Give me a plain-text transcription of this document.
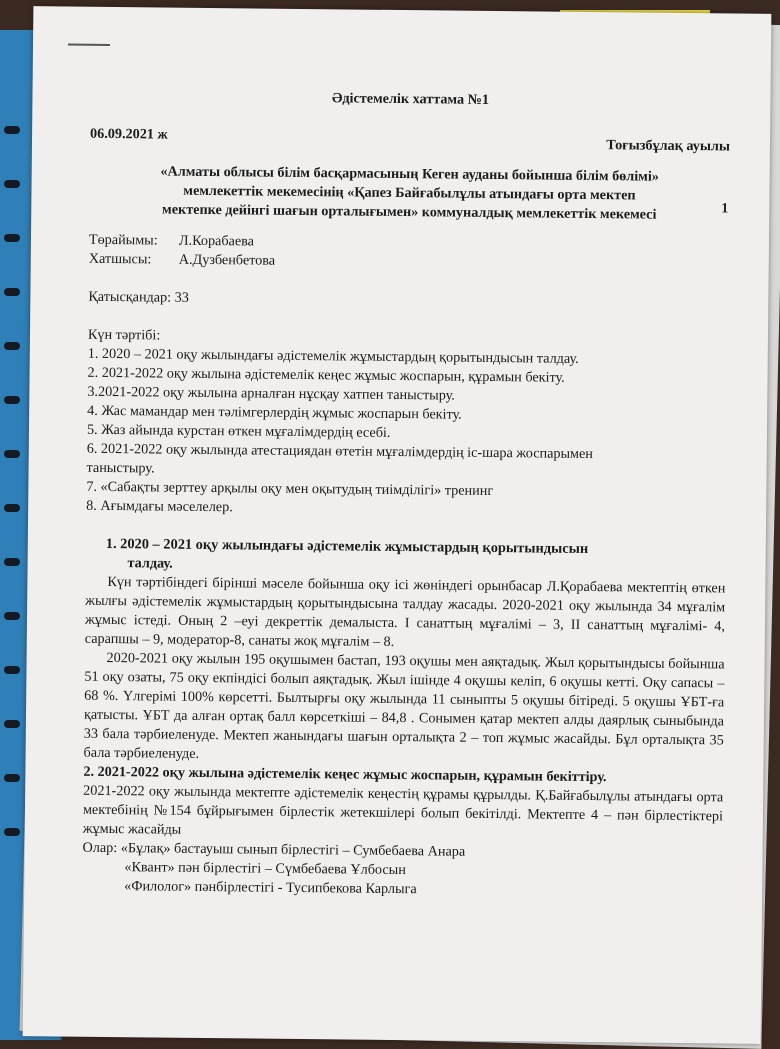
1

Әдістемелік хаттама №1

06.09.2021 ж
Тоғызбұлақ ауылы

«Алматы облысы білім басқармасының Кеген ауданы бойынша білім бөлімі»

мемлекеттік мекемесінің «Қапез Байғабылұлы атындағы орта мектеп

мектепке дейінгі шағын орталығымен» коммуналдық мемлекеттік мекемесі

Төрайымы: Л.Корабаева

Хатшысы: А.Дузбенбетова

Қатысқандар: 33

Күн тәртібі:

1. 2020 – 2021 оқу жылындағы әдістемелік жұмыстардың қорытындысын талдау.

2. 2021-2022 оқу жылына әдістемелік кеңес жұмыс жоспарын, құрамын бекіту.

3.2021-2022 оқу жылына арналған нұсқау хатпен таныстыру.

4. Жас мамандар мен тәлімгерлердің жұмыс жоспарын бекіту.

5. Жаз айында курстан өткен мұғалімдердің есебі.

6. 2021-2022 оқу жылында атестациядан өтетін мұғалімдердің іс-шара жоспарымен

таныстыру.

7. «Сабақты зерттеу арқылы оқу мен оқытудың тиімділігі» тренинг

8. Ағымдағы мәселелер.

1. 2020 – 2021 оқу жылындағы әдістемелік жұмыстардың қорытындысын

талдау.

Күн тәртібіндегі бірінші мәселе бойынша оқу ісі жөніндегі орынбасар Л.Қорабаева мектептің өткен жылғы әдістемелік жұмыстардың қорытындысына талдау жасады. 2020-2021 оқу жылында 34 мұғалім жұмыс істеді. Оның 2 –еуі декреттік демалыста. І санаттың мұғалімі – 3, ІІ санаттың мұғалімі- 4, сарапшы – 9, модератор-8, санаты жоқ мұғалім – 8.

2020-2021 оқу жылын 195 оқушымен бастап, 193 оқушы мен аяқтадық. Жыл қорытындысы бойынша 51 оқу озаты, 75 оқу екпіндісі болып аяқтадық. Жыл ішінде 4 оқушы келіп, 6 оқушы кетті. Оқу сапасы – 68 %. Үлгерімі 100% көрсетті. Былтырғы оқу жылында 11 сыныпты 5 оқушы бітіреді. 5 оқушы ҰБТ-ға қатысты. ҰБТ да алған ортақ балл көрсеткіші – 84,8 . Сонымен қатар мектеп алды даярлық сыныбында 33 бала тәрбиеленуде. Мектеп жанындағы шағын орталықта 2 – топ жұмыс жасайды. Бұл орталықта 35 бала тәрбиеленуде.

2. 2021-2022 оқу жылына әдістемелік кеңес жұмыс жоспарын, құрамын бекіттіру.

2021-2022 оқу жылында мектепте әдістемелік кеңестің құрамы құрылды. Қ.Байғабылұлы атындағы орта мектебінің №154 бұйрығымен бірлестік жетекшілері болып бекітілді. Мектепте 4 – пән бірлестіктері жұмыс жасайды

Олар: «Бұлақ» бастауыш сынып бірлестігі – Сумбебаева Анара

«Квант» пән бірлестігі – Сүмбебаева Ұлбосын

«Филолог» пәнбірлестігі - Тусипбекова Карлыга
